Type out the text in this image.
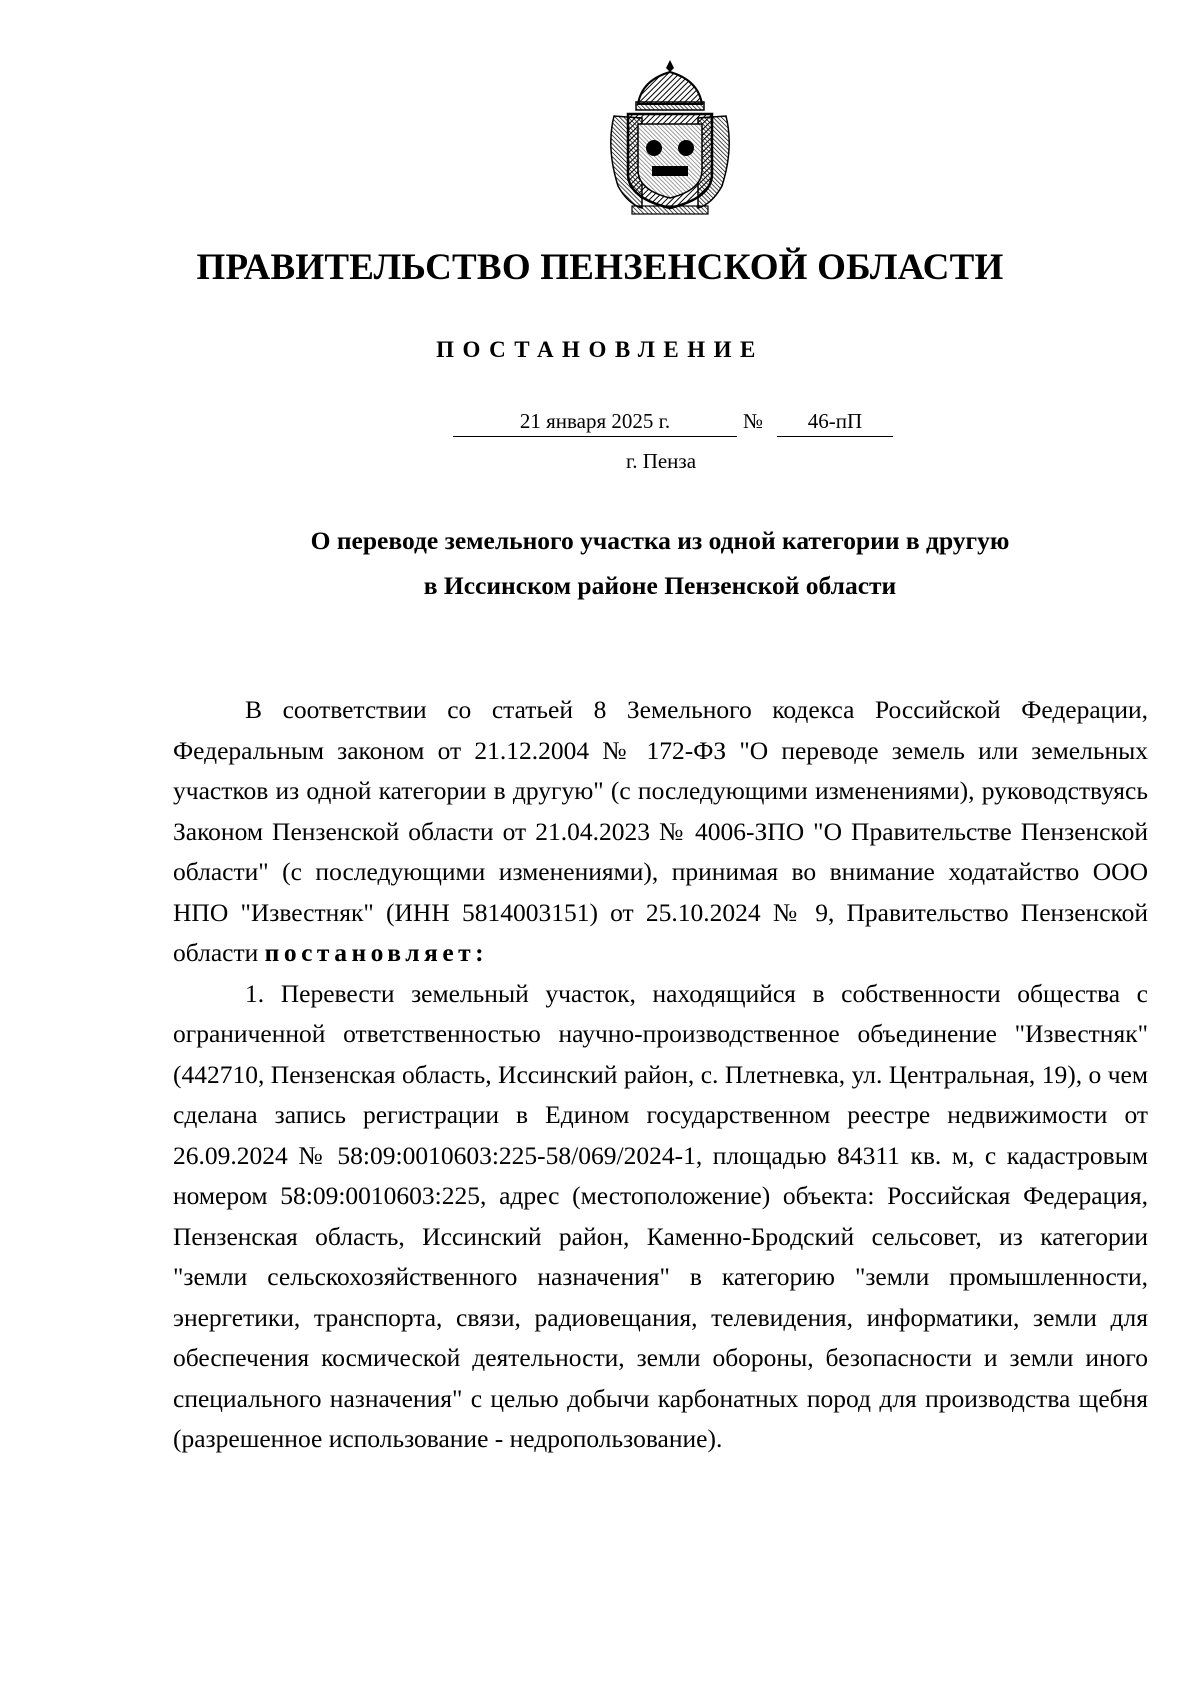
ПРАВИТЕЛЬСТВО ПЕНЗЕНСКОЙ ОБЛАСТИ
ПОСТАНОВЛЕНИЕ
21 января 2025 г.	№	46-пП
г. Пенза
О переводе земельного участка из одной категории в другую
в Иссинском районе Пензенской области

В соответствии со статьей 8 Земельного кодекса Российской Федерации, Федеральным законом от 21.12.2004 № 172-ФЗ "О переводе земель или земельных участков из одной категории в другую" (с последующими изменениями), руководствуясь Законом Пензенской области от 21.04.2023 № 4006-ЗПО "О Правительстве Пензенской области" (с последующими изменениями), принимая во внимание ходатайство ООО НПО "Известняк" (ИНН 5814003151) от 25.10.2024 № 9, Правительство Пензенской области постановляет:

1. Перевести земельный участок, находящийся в собственности общества с ограниченной ответственностью научно-производственное объединение "Известняк" (442710, Пензенская область, Иссинский район, с. Плетневка, ул. Центральная, 19), о чем сделана запись регистрации в Едином государственном реестре недвижимости от 26.09.2024 № 58:09:0010603:225-58/069/2024-1, площадью 84311 кв. м, с кадастровым номером 58:09:0010603:225, адрес (местоположение) объекта: Российская Федерация, Пензенская область, Иссинский район, Каменно-Бродский сельсовет, из категории "земли сельскохозяйственного назначения" в категорию "земли промышленности, энергетики, транспорта, связи, радиовещания, телевидения, информатики, земли для обеспечения космической деятельности, земли обороны, безопасности и земли иного специального назначения" с целью добычи карбонатных пород для производства щебня (разрешенное использование - недропользование).
